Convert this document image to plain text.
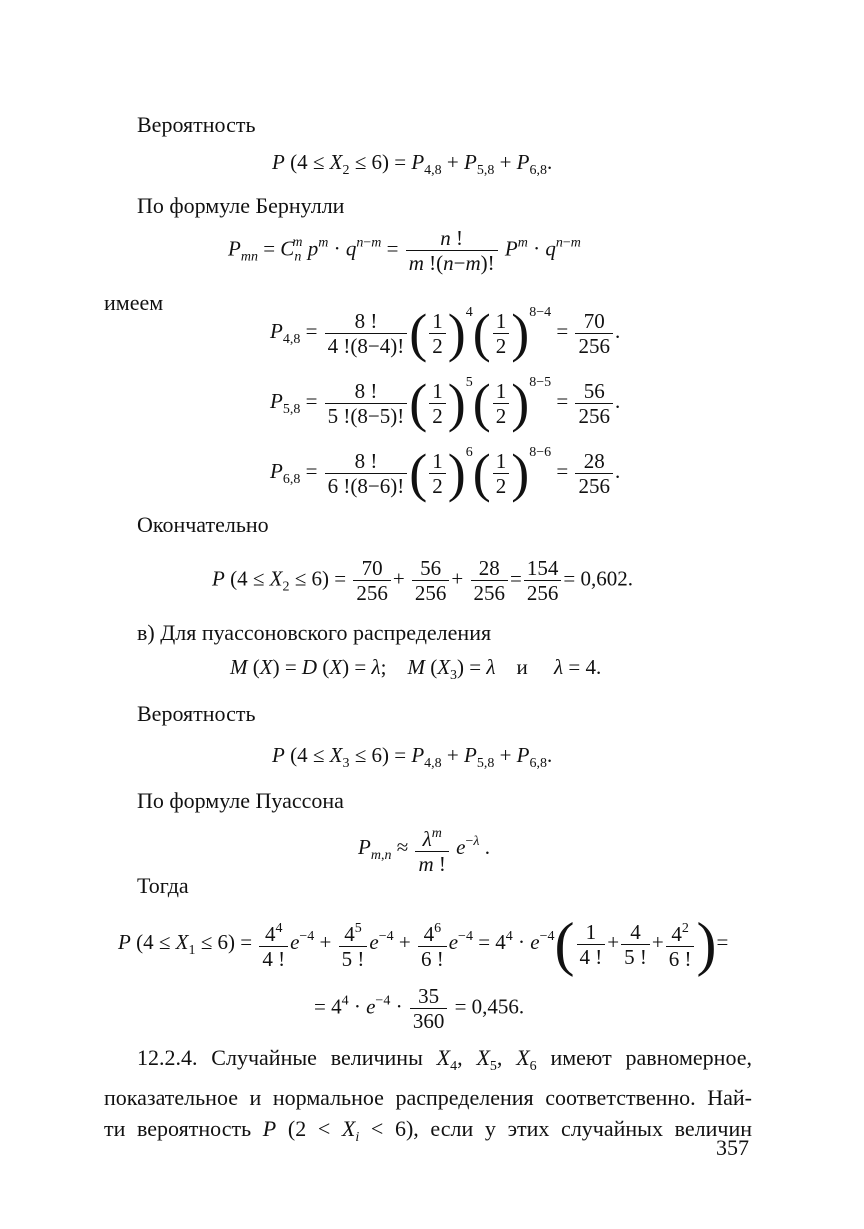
Вероятность
P $(4 \le X_2 \le 6) = P_{4,8} + P_{5,8} + P_{6,8}$.
По формуле Бернулли
$P_{mn} = C_n^m$ $p^m \cdot q^{n-m} = \frac{n !}{m !(n-m)!} P^m \cdot q^{n-m}$
имеем
$P_{4,8} = \frac{8 !}{4 !(8-4)!}$ ( $\frac{1}{2} )^4( \frac{1}{2} )^{8-4} = \frac{70}{256}$ .
$P_{5,8} = \frac{8 !}{5 !(8-5)!}$ ( $\frac{1}{2} )^5( \frac{1}{2} )^{8-5} = \frac{56}{256}$ .
$P_{6,8} = \frac{8 !}{6 !(8-6)!}$ ( $\frac{1}{2} )^6( \frac{1}{2} )^{8-6} = \frac{28}{256}$ .
Окончательно
P $(4 \le X_2 \le 6) = \frac{70}{256} + \frac{56}{256} + \frac{28}{256} = \frac{154}{256} = 0,602$.
в) Для пуассоновского распределения
M (X) = D (X) = λ;    M $(X_3) = \lambda$ и λ = 4.
Вероятность
P $(4 \le X_3 \le 6) = P_{4,8} + P_{5,8} + P_{6,8}$.
По формуле Пуассона
$P_{m,n} \approx \frac{\lambda^m}{m !} e^{-\lambda}$ .
Тогда
P $(4 \le X_1 \le 6) = \frac{4^4}{4 !} e^{-4} + \frac{4^5}{5 !} e^{-4} + \frac{4^6}{6 !} e^{-4} = 4^4 \cdot e^{-4}( \frac{1}{4 !} + \frac{4}{5 !} + \frac{4^2}{6 !}$ )=
= $4^4 \cdot e^{-4} \cdot \frac{35}{360} = 0,456$.
12.2.4. Случайные величины $X_4$, $X_5$, $X_6$ имеют равномерное,
показательное и нормальное распределения соответственно. Най-
ти вероятность P $(2 < X_i < 6)$, если у этих случайных величин
357
